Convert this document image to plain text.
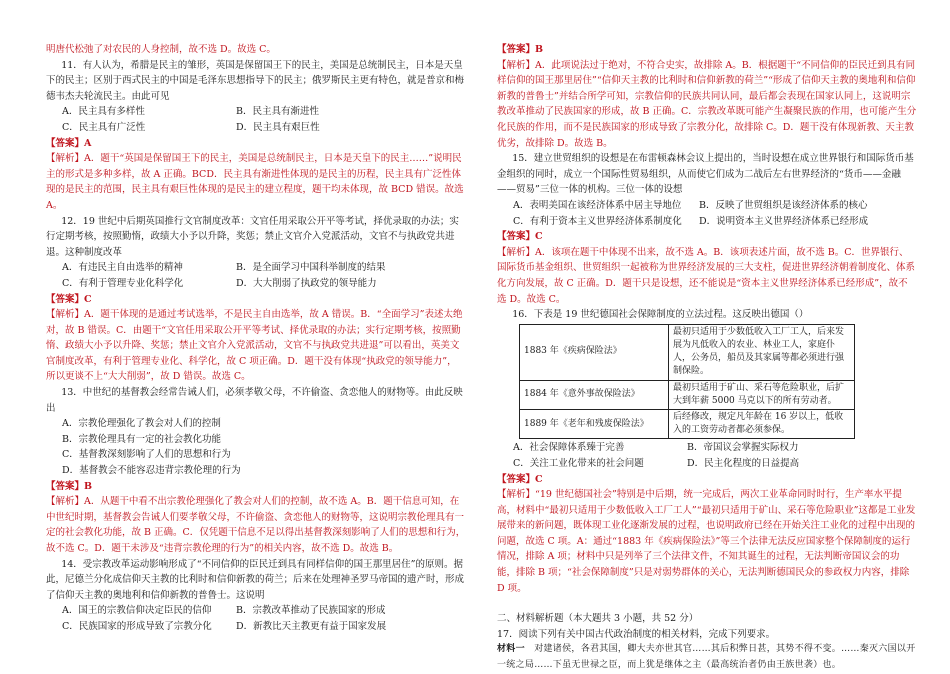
明唐代松弛了对农民的人身控制，故不选 D。故选 C。

11．有人认为，希腊是民主的雏形，英国是保留国王下的民主，美国是总统制民主，日本是天皇下的民主；区别于西式民主的中国是毛泽东思想指导下的民主；俄罗斯民主更有特色，就是普京和梅德韦杰夫轮流民主。由此可见

A．民主具有多样性	B．民主具有渐进性
C．民主具有广泛性	D．民主具有艰巨性

【答案】A

【解析】A．题干“英国是保留国王下的民主，美国是总统制民主，日本是天皇下的民主……”说明民主的形式是多种多样，故 A 正确。BCD．民主具有渐进性体现的是民主的历程，民主具有广泛性体现的是民主的范围，民主具有艰巨性体现的是民主的建立程度，题干均未体现，故 BCD 错误。故选 A。

12．19 世纪中后期英国推行文官制度改革：文官任用采取公开平等考试，择优录取的办法；实行定期考核，按照勤惰，政绩大小予以升降，奖惩；禁止文官介入党派活动，文官不与执政党共进退。这种制度改革

A．有违民主自由选举的精神	B．是全面学习中国科举制度的结果
C．有利于管理专业化科学化	D．大大削弱了执政党的领导能力

【答案】C

【解析】A．题干体现的是通过考试选举，不是民主自由选举，故 A 错误。B．“全面学习”表述太绝对，故 B 错误。C．由题干“文官任用采取公开平等考试、择优录取的办法；实行定期考核，按照勤惰、政绩大小予以升降、奖惩；禁止文官介入党派活动，文官不与执政党共进退”可以看出，英美文官制度改革，有利于管理专业化、科学化，故 C 项正确。D．题干没有体现“执政党的领导能力”，所以更谈不上“大大削弱”，故 D 错误。故选 C。

13．中世纪的基督教会经常告诫人们，必须孝敬父母，不许偷盗、贪恋他人的财物等。由此反映出

A．宗教伦理强化了教会对人们的控制

B．宗教伦理具有一定的社会教化功能

C．基督教深刻影响了人们的思想和行为

D．基督教会不能容忍违背宗教伦理的行为

【答案】B

【解析】A．从题干中看不出宗教伦理强化了教会对人们的控制，故不选 A。B．题干信息可知，在中世纪时期，基督教会告诫人们要孝敬父母，不许偷盗、贪恋他人的财物等，这说明宗教伦理具有一定的社会教化功能，故 B 正确。C．仅凭题干信息不足以得出基督教深刻影响了人们的思想和行为，故不选 C。D．题干未涉及“违背宗教伦理的行为”的相关内容，故不选 D。故选 B。

14．受宗教改革运动影响形成了“不同信仰的臣民迁到具有同样信仰的国王那里居住”的原则。据此，尼德兰分化成信仰天主教的比利时和信仰新教的荷兰；后来在处理神圣罗马帝国的遗产时，形成了信仰天主教的奥地利和信仰新教的普鲁士。这说明

A．国王的宗教信仰决定臣民的信仰	B．宗教改革推动了民族国家的形成
C．民族国家的形成导致了宗教分化	D．新教比天主教更有益于国家发展

【答案】B

【解析】A．此项说法过于绝对，不符合史实，故排除 A。B．根据题干“不同信仰的臣民迁到具有同样信仰的国王那里居住”“信仰天主教的比利时和信仰新教的荷兰”“形成了信仰天主教的奥地利和信仰新教的普鲁士”并结合所学可知，宗教信仰的民族共同认同，最后都会表现在国家认同上，这说明宗教改革推动了民族国家的形成，故 B 正确。C．宗教改革既可能产生凝聚民族的作用，也可能产生分化民族的作用，而不是民族国家的形成导致了宗教分化，故排除 C。D．题干没有体现新教、天主教优劣，故排除 D。故选 B。

15．建立世贸组织的设想是在布雷顿森林会议上提出的，当时设想在成立世界银行和国际货币基金组织的同时，成立一个国际性贸易组织，从而使它们成为二战后左右世界经济的“货币——金融——贸易”三位一体的机构。三位一体的设想

A．表明美国在该经济体系中居主导地位	B．反映了世贸组织是该经济体系的核心
C．有利于资本主义世界经济体系制度化	D．说明资本主义世界经济体系已经形成

【答案】C

【解析】A．该项在题干中体现不出来，故不选 A。B．该项表述片面，故不选 B。C．世界银行、国际货币基金组织、世贸组织一起被称为世界经济发展的三大支柱，促进世界经济朝着制度化、体系化方向发展，故 C 正确。D．题干只是设想，还不能说是“资本主义世界经济体系已经形成”，故不选 D。故选 C。

16．下表是 19 世纪德国社会保障制度的立法过程。这反映出德国（）

1883 年《疾病保险法》	最初只适用于少数低收入工厂工人，后来发展为凡低收入的农业、林业工人，家庭仆人，公务员，船员及其家属等都必须进行强制保险。
1884 年《意外事故保险法》	最初只适用于矿山、采石等危险职业，后扩大到年薪 5000 马克以下的所有劳动者。
1889 年《老年和残废保险法》	后经修改，规定凡年龄在 16 岁以上，低收入的工资劳动者都必须参保。
A．社会保障体系臻于完善	B．帝国议会掌握实际权力
C．关注工业化带来的社会问题	D．民主化程度的日益提高

【答案】C

【解析】“19 世纪德国社会”特别是中后期，统一完成后，两次工业革命同时时行，生产率水平提高，材料中“最初只适用于少数低收入工厂工人”“最初只适用于矿山、采石等危险职业”这都是工业发展带来的新问题，既体现工业化逐渐发展的过程，也说明政府已经在开始关注工业化的过程中出现的问题，故选 C 项。A：通过“1883 年《疾病保险法》”等三个法律无法反应国家整个保障制度的运行情况，排除 A 项；材料中只是列举了三个法律文件，不知其诞生的过程，无法判断帝国议会的功能，排除 B 项；“社会保障制度”只是对弱势群体的关心，无法判断德国民众的参政权力内容，排除 D 项。

二、材料解析题（本大题共 3 小题，共 52 分）

17．阅读下列有关中国古代政治制度的相关材料，完成下列要求。

材料一　对建诸侯，各君其国，卿大夫亦世其官……其后积弊日甚，其势不得不变。……秦灭六国以开一统之局……下虽无世禄之臣，而上犹是继体之主（最高统治者仍由王族世袭）也。
